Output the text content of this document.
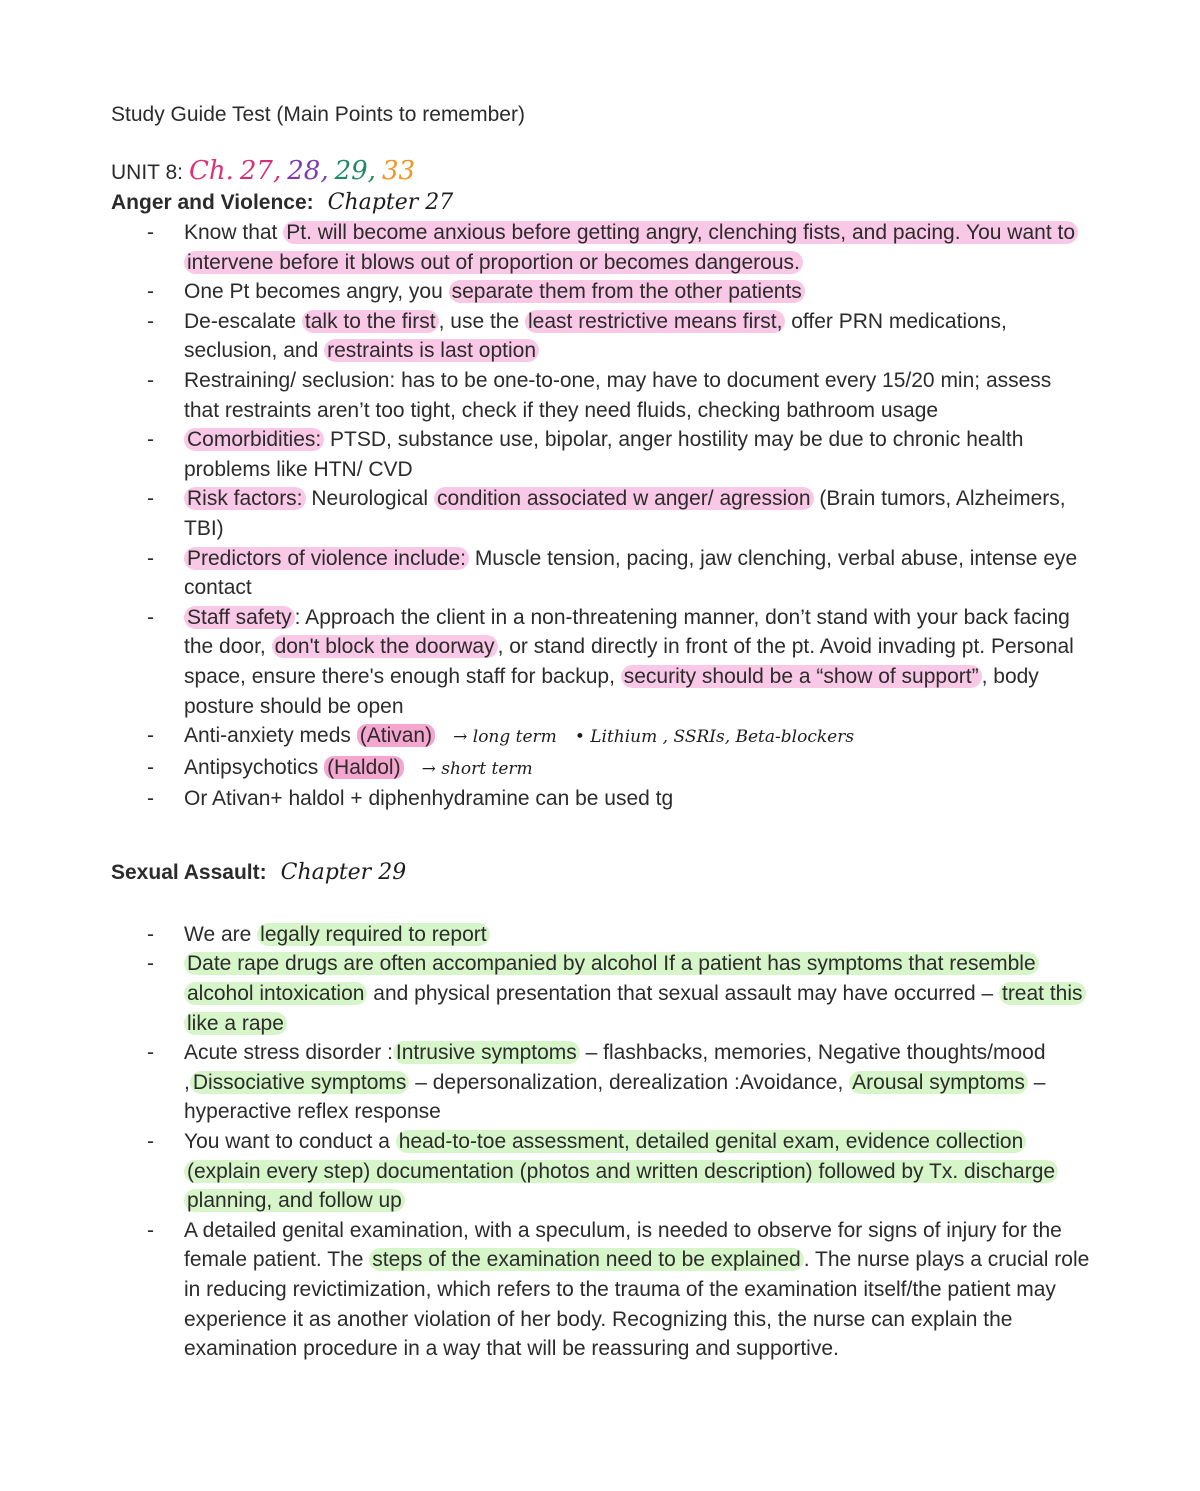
Study Guide Test (Main Points to remember)
UNIT 8: Ch. 27, 28, 29, 33
Anger and Violence: Chapter 27
- Know that Pt. will become anxious before getting angry, clenching fists, and pacing. You want to intervene before it blows out of proportion or becomes dangerous.
- One Pt becomes angry, you separate them from the other patients
- De-escalate talk to the first , use the least restrictive means first, offer PRN medications, seclusion, and restraints is last option
- Restraining/ seclusion: has to be one-to-one, may have to document every 15/20 min; assess that restraints aren’t too tight, check if they need fluids, checking bathroom usage
- Comorbidities: PTSD, substance use, bipolar, anger hostility may be due to chronic health problems like HTN/ CVD
- Risk factors: Neurological condition associated w anger/ agression (Brain tumors, Alzheimers, TBI)
- Predictors of violence include: Muscle tension, pacing, jaw clenching, verbal abuse, intense eye contact
- Staff safety : Approach the client in a non-threatening manner, don’t stand with your back facing the door, don't block the doorway , or stand directly in front of the pt. Avoid invading pt. Personal space, ensure there's enough staff for backup, security should be a “show of support” , body posture should be open
- Anti-anxiety meds (Ativan) → long term • Lithium , SSRIs, Beta-blockers
- Antipsychotics (Haldol) → short term
- Or Ativan+ haldol + diphenhydramine can be used tg
Sexual Assault: Chapter 29
- We are legally required to report
- Date rape drugs are often accompanied by alcohol If a patient has symptoms that resemble alcohol intoxication and physical presentation that sexual assault may have occurred – treat this like a rape
- Acute stress disorder : Intrusive symptoms – flashbacks, memories, Negative thoughts/mood , Dissociative symptoms – depersonalization, derealization :Avoidance, Arousal symptoms –hyperactive reflex response
- You want to conduct a head-to-toe assessment, detailed genital exam, evidence collection (explain every step) documentation (photos and written description) followed by Tx. discharge planning, and follow up
- A detailed genital examination, with a speculum, is needed to observe for signs of injury for the female patient. The steps of the examination need to be explained . The nurse plays a crucial role in reducing revictimization, which refers to the trauma of the examination itself/the patient may experience it as another violation of her body. Recognizing this, the nurse can explain the examination procedure in a way that will be reassuring and supportive.
